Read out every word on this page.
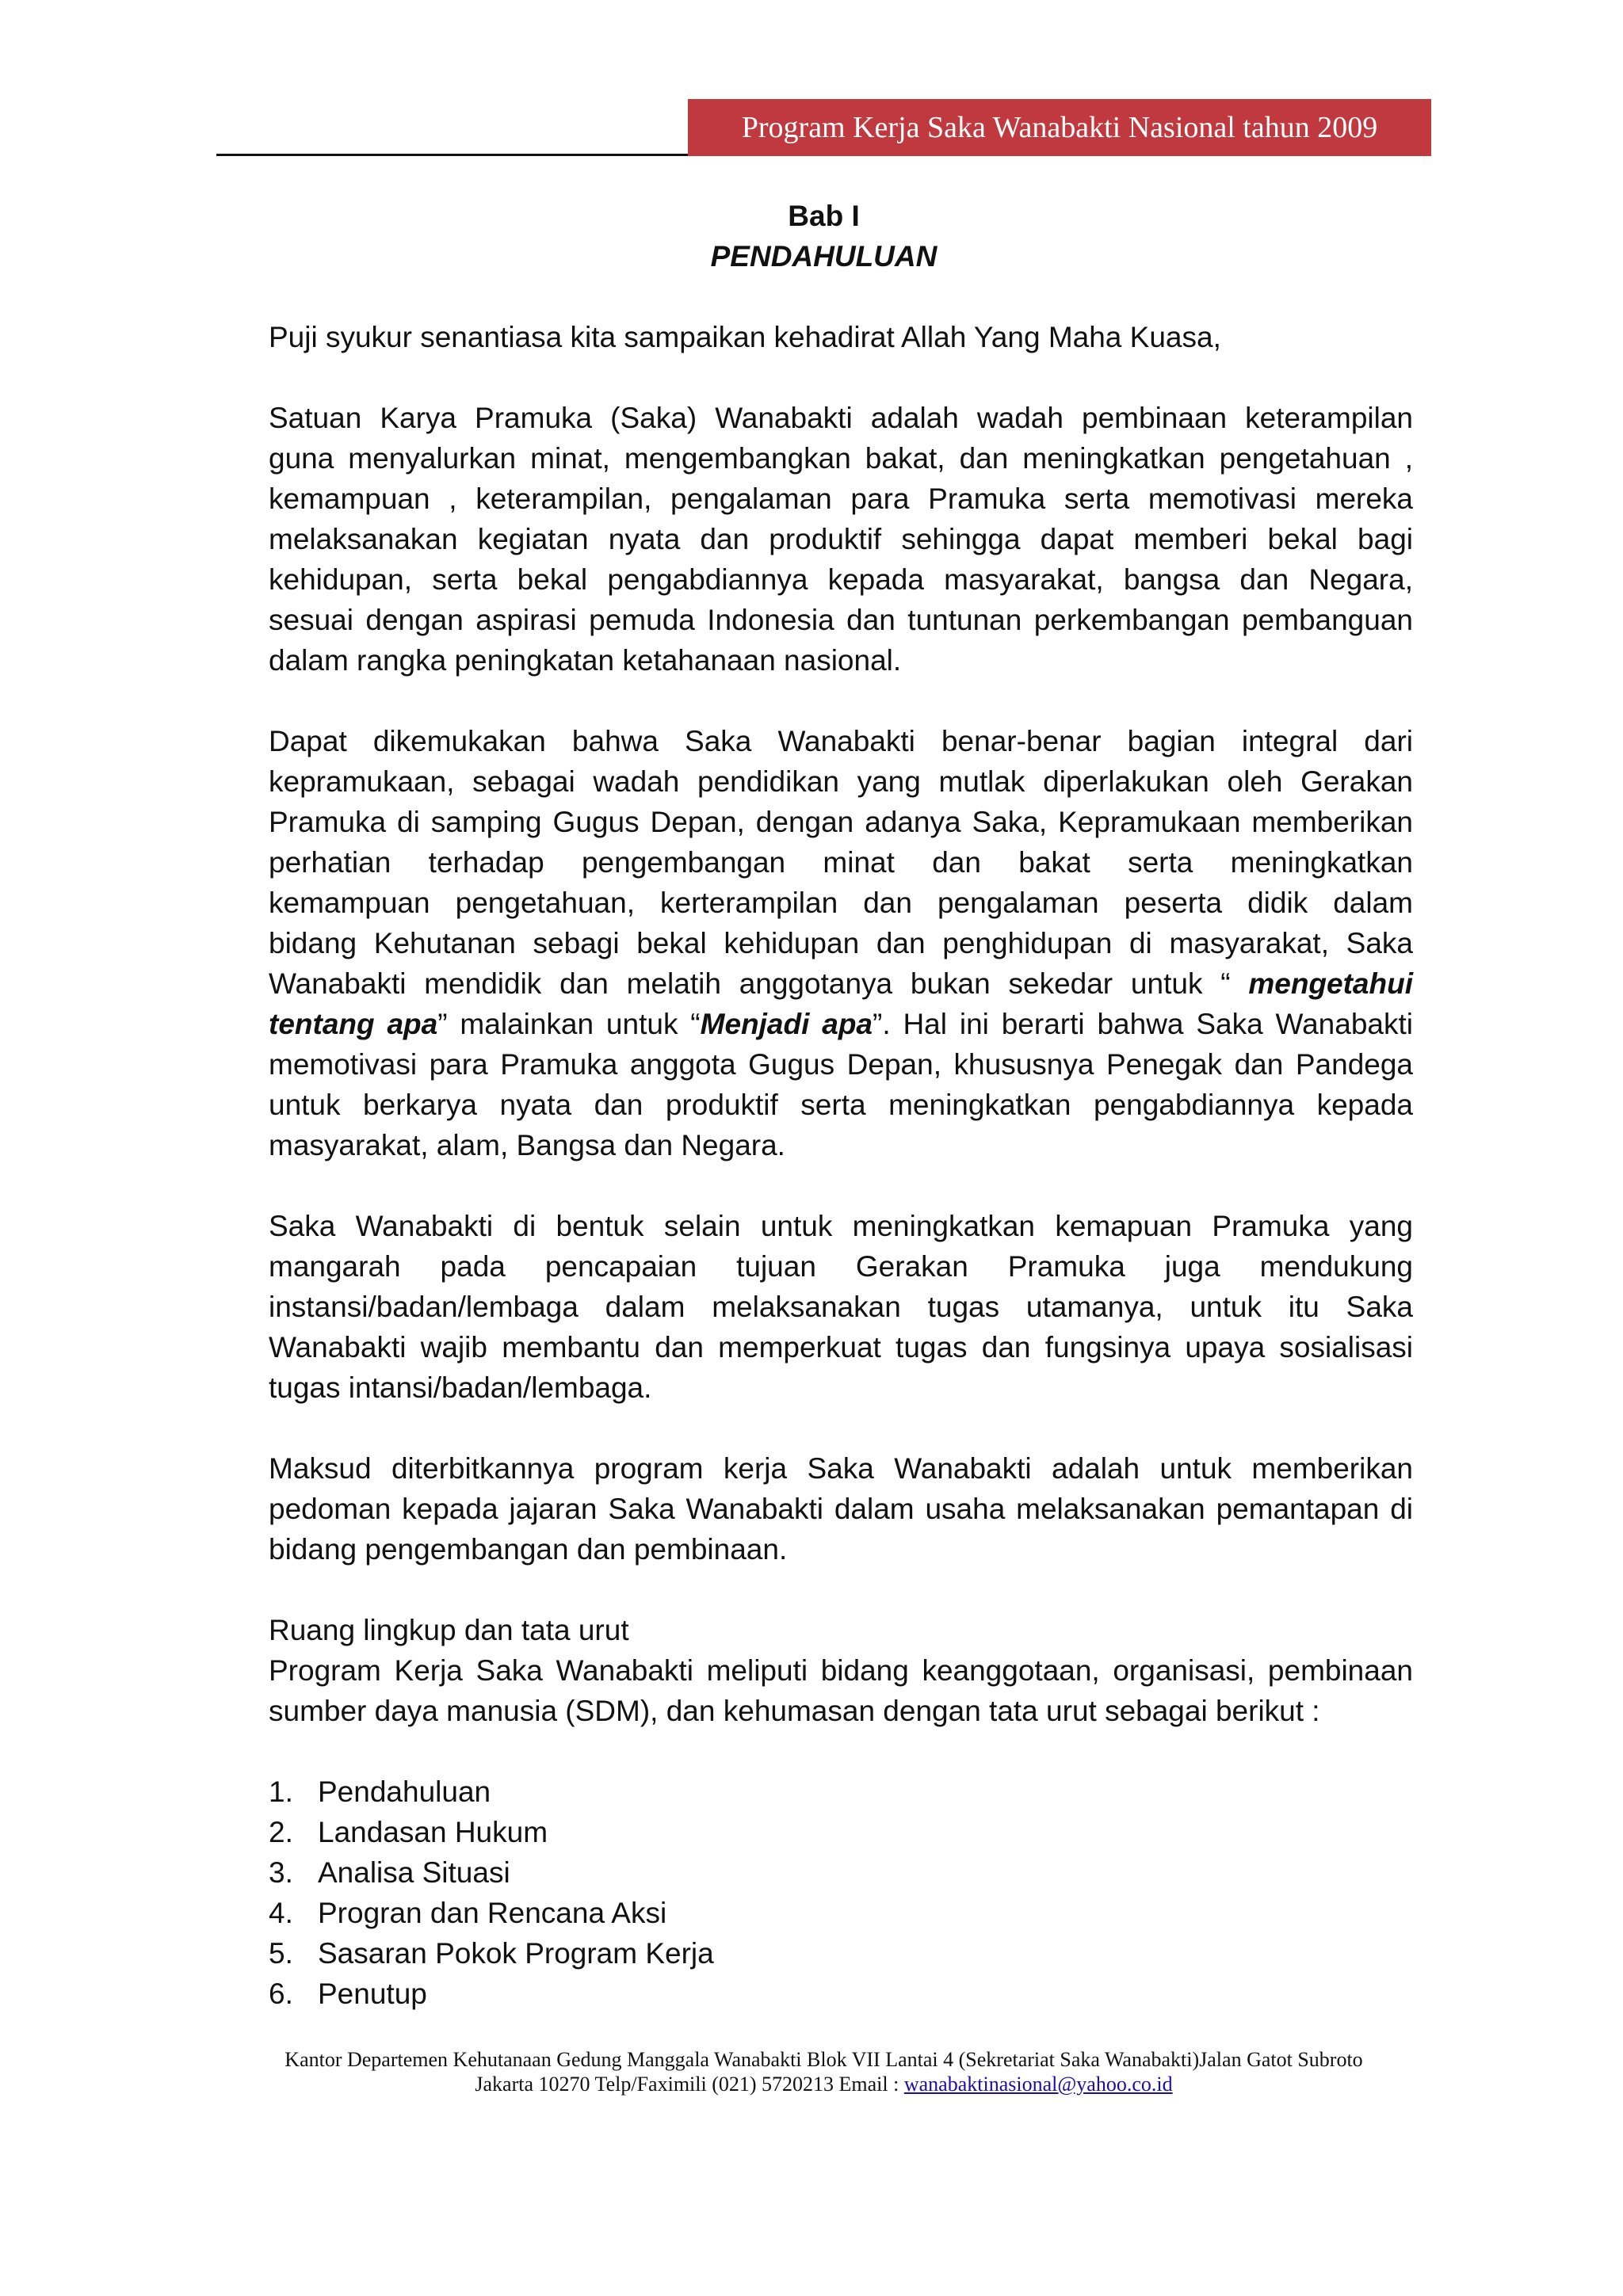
Program Kerja Saka Wanabakti Nasional tahun 2009
Bab I
PENDAHULUAN

Puji syukur senantiasa kita sampaikan kehadirat Allah Yang Maha Kuasa,

Satuan Karya Pramuka (Saka) Wanabakti adalah wadah pembinaan keterampilan
guna menyalurkan minat, mengembangkan bakat, dan meningkatkan pengetahuan ,
kemampuan , keterampilan, pengalaman para Pramuka serta memotivasi mereka
melaksanakan kegiatan nyata dan produktif sehingga dapat memberi bekal bagi
kehidupan, serta bekal pengabdiannya kepada masyarakat, bangsa dan Negara,
sesuai dengan aspirasi pemuda Indonesia dan tuntunan perkembangan pembanguan
dalam rangka peningkatan ketahanaan nasional.

Dapat dikemukakan bahwa Saka Wanabakti benar-benar bagian integral dari
kepramukaan, sebagai wadah pendidikan yang mutlak diperlakukan oleh Gerakan
Pramuka di samping Gugus Depan, dengan adanya Saka, Kepramukaan memberikan
perhatian terhadap pengembangan minat dan bakat serta meningkatkan
kemampuan pengetahuan, kerterampilan dan pengalaman peserta didik dalam
bidang Kehutanan sebagi bekal kehidupan dan penghidupan di masyarakat, Saka
Wanabakti mendidik dan melatih anggotanya bukan sekedar untuk “ mengetahui
tentang apa” malainkan untuk “Menjadi apa”. Hal ini berarti bahwa Saka Wanabakti
memotivasi para Pramuka anggota Gugus Depan, khususnya Penegak dan Pandega
untuk berkarya nyata dan produktif serta meningkatkan pengabdiannya kepada
masyarakat, alam, Bangsa dan Negara.

Saka Wanabakti di bentuk selain untuk meningkatkan kemapuan Pramuka yang
mangarah pada pencapaian tujuan Gerakan Pramuka juga mendukung
instansi/badan/lembaga dalam melaksanakan tugas utamanya, untuk itu Saka
Wanabakti wajib membantu dan memperkuat tugas dan fungsinya upaya sosialisasi
tugas intansi/badan/lembaga.

Maksud diterbitkannya program kerja Saka Wanabakti adalah untuk memberikan
pedoman kepada jajaran Saka Wanabakti dalam usaha melaksanakan pemantapan di
bidang pengembangan dan pembinaan.

Ruang lingkup dan tata urut
Program Kerja Saka Wanabakti meliputi bidang keanggotaan, organisasi, pembinaan
sumber daya manusia (SDM), dan kehumasan dengan tata urut sebagai berikut :

1. Pendahuluan
2. Landasan Hukum
3. Analisa Situasi
4. Progran dan Rencana Aksi
5. Sasaran Pokok Program Kerja
6. Penutup
Kantor Departemen Kehutanaan Gedung Manggala Wanabakti Blok VII Lantai 4 (Sekretariat Saka Wanabakti)Jalan Gatot Subroto
Jakarta 10270 Telp/Faximili (021) 5720213 Email : wanabaktinasional@yahoo.co.id
